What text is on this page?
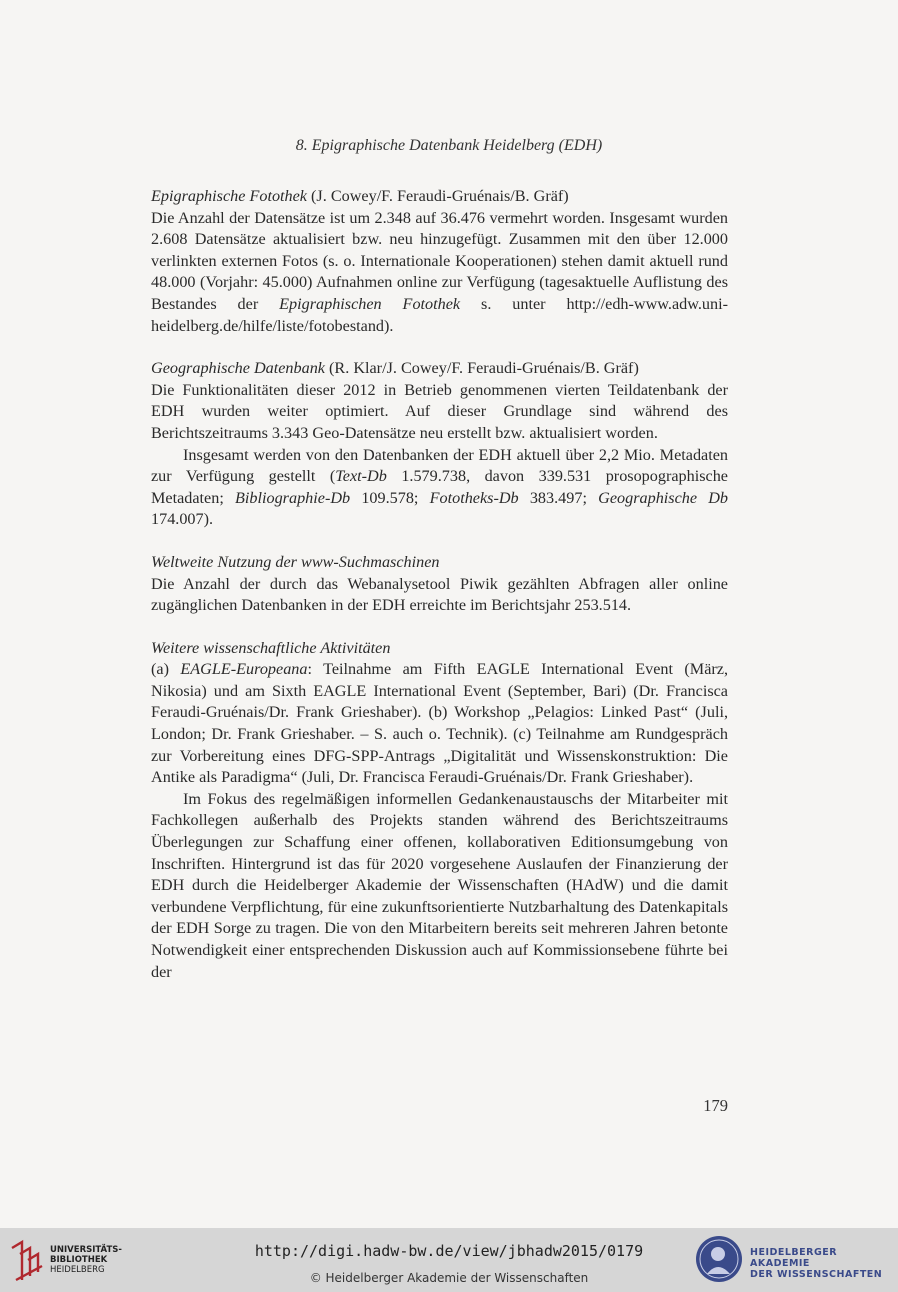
8. Epigraphische Datenbank Heidelberg (EDH)

Epigraphische Fotothek (J. Cowey/F. Feraudi-Gruénais/B. Gräf)

Die Anzahl der Datensätze ist um 2.348 auf 36.476 vermehrt worden. Insgesamt wurden 2.608 Datensätze aktualisiert bzw. neu hinzugefügt. Zusammen mit den über 12.000 verlinkten externen Fotos (s. o. Internationale Kooperationen) stehen damit aktuell rund 48.000 (Vorjahr: 45.000) Aufnahmen online zur Verfügung (tagesaktuelle Auflistung des Bestandes der Epigraphischen Fotothek s. unter http://edh-www.adw.uni-heidelberg.de/hilfe/liste/fotobestand).

Geographische Datenbank (R. Klar/J. Cowey/F. Feraudi-Gruénais/B. Gräf)

Die Funktionalitäten dieser 2012 in Betrieb genommenen vierten Teildatenbank der EDH wurden weiter optimiert. Auf dieser Grundlage sind während des Berichtszeitraums 3.343 Geo-Datensätze neu erstellt bzw. aktualisiert worden.

Insgesamt werden von den Datenbanken der EDH aktuell über 2,2 Mio. Metadaten zur Verfügung gestellt (Text-Db 1.579.738, davon 339.531 prosopographische Metadaten; Bibliographie-Db 109.578; Fototheks-Db 383.497; Geographische Db 174.007).

Weltweite Nutzung der www-Suchmaschinen

Die Anzahl der durch das Webanalysetool Piwik gezählten Abfragen aller online zugänglichen Datenbanken in der EDH erreichte im Berichtsjahr 253.514.

Weitere wissenschaftliche Aktivitäten

(a) EAGLE-Europeana: Teilnahme am Fifth EAGLE International Event (März, Nikosia) und am Sixth EAGLE International Event (September, Bari) (Dr. Francisca Feraudi-Gruénais/Dr. Frank Grieshaber). (b) Workshop „Pelagios: Linked Past“ (Juli, London; Dr. Frank Grieshaber. – S. auch o. Technik). (c) Teilnahme am Rundgespräch zur Vorbereitung eines DFG-SPP-Antrags „Digitalität und Wissenskonstruktion: Die Antike als Paradigma“ (Juli, Dr. Francisca Feraudi-Gruénais/Dr. Frank Grieshaber).

Im Fokus des regelmäßigen informellen Gedankenaustauschs der Mitarbeiter mit Fachkollegen außerhalb des Projekts standen während des Berichtszeitraums Überlegungen zur Schaffung einer offenen, kollaborativen Editionsumgebung von Inschriften. Hintergrund ist das für 2020 vorgesehene Auslaufen der Finanzierung der EDH durch die Heidelberger Akademie der Wissenschaften (HAdW) und die damit verbundene Verpflichtung, für eine zukunftsorientierte Nutzbarhaltung des Datenkapitals der EDH Sorge zu tragen. Die von den Mitarbeitern bereits seit mehreren Jahren betonte Notwendigkeit einer entsprechenden Diskussion auch auf Kommissionsebene führte bei der

179
UNIVERSITÄTS-
BIBLIOTHEK
HEIDELBERG
http://digi.hadw-bw.de/view/jbhadw2015/0179
© Heidelberger Akademie der Wissenschaften
HEIDELBERGER AKADEMIE
DER WISSENSCHAFTEN
